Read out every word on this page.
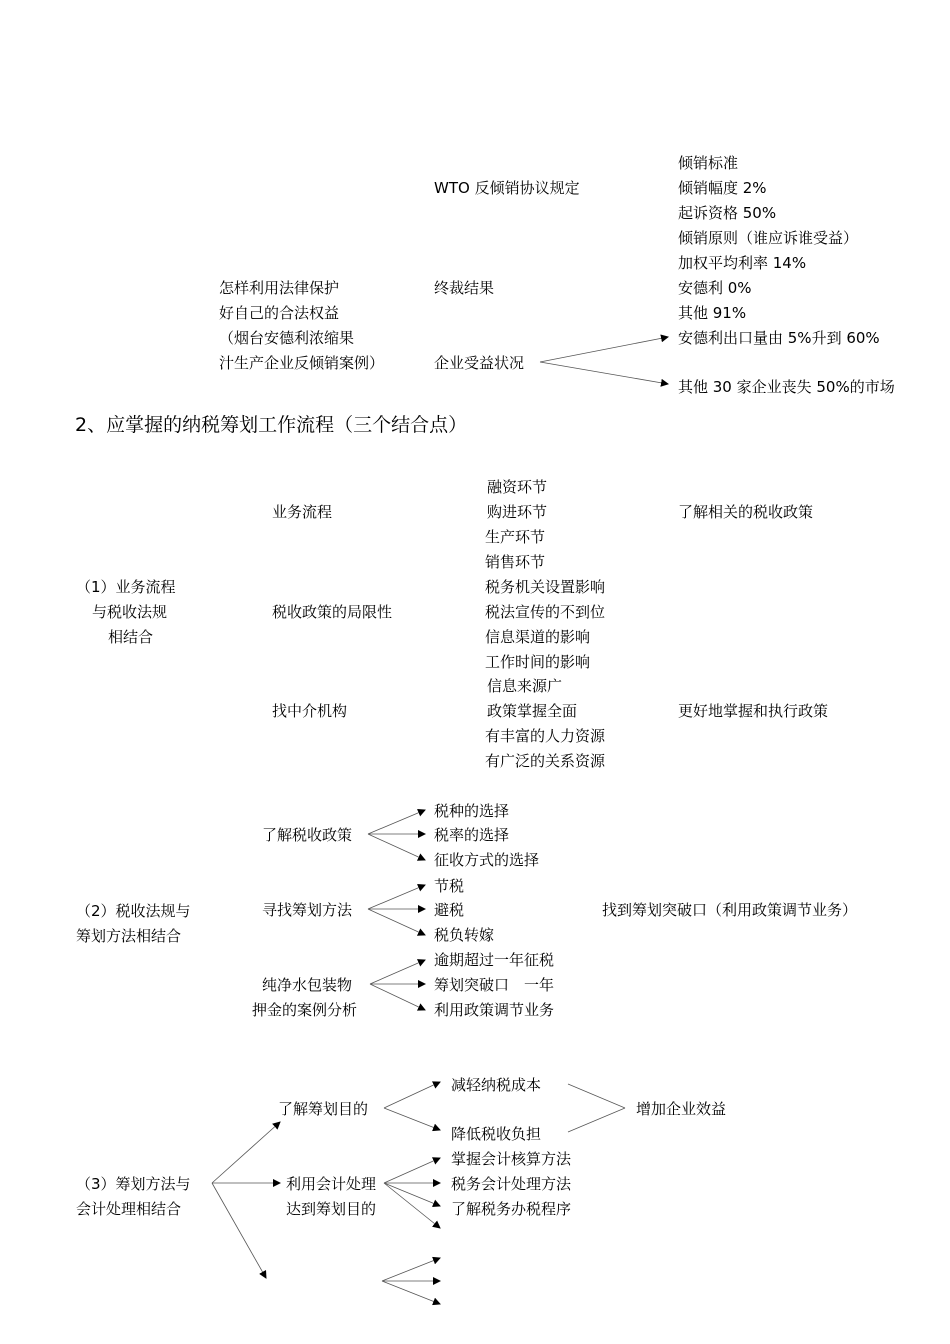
怎样利用法律保护
好自己的合法权益
（烟台安德利浓缩果
汁生产企业反倾销案例）
WTO 反倾销协议规定
倾销标准
倾销幅度 2%
起诉资格 50%
倾销原则（谁应诉谁受益）
终裁结果
加权平均利率 14%
安德利 0%
其他 91%
企业受益状况
安德利出口量由 5%升到 60%
其他 30 家企业丧失 50%的市场
2、应掌握的纳税筹划工作流程（三个结合点）
（1）业务流程
与税收法规
相结合
业务流程
融资环节
购进环节
生产环节
销售环节
了解相关的税收政策
税收政策的局限性
税务机关设置影响
税法宣传的不到位
信息渠道的影响
工作时间的影响
找中介机构
信息来源广
政策掌握全面
有丰富的人力资源
有广泛的关系资源
更好地掌握和执行政策
（2）税收法规与
筹划方法相结合
了解税收政策
税种的选择
税率的选择
征收方式的选择
寻找筹划方法
节税
避税
税负转嫁
找到筹划突破口（利用政策调节业务）
纯净水包装物
押金的案例分析
逾期超过一年征税
筹划突破口　一年
利用政策调节业务
（3）筹划方法与
会计处理相结合
了解筹划目的
减轻纳税成本
降低税收负担
增加企业效益
利用会计处理
达到筹划目的
掌握会计核算方法
税务会计处理方法
了解税务办税程序
